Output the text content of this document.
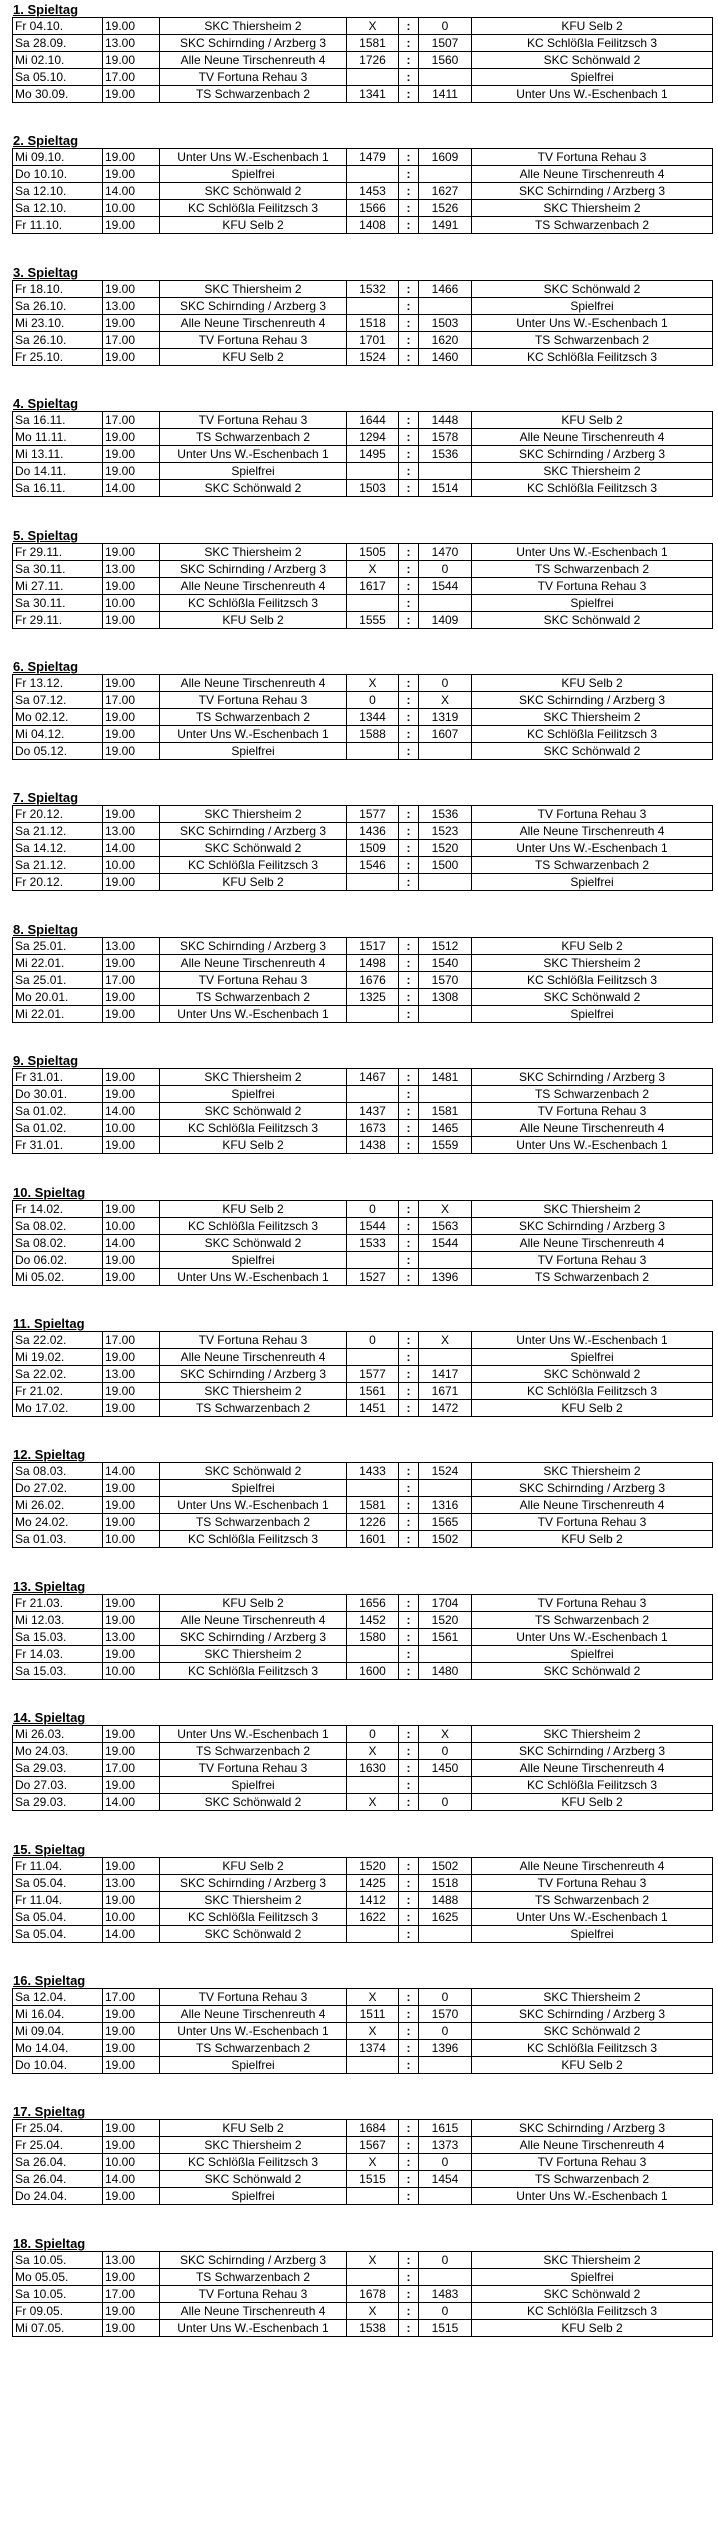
1. Spieltag
Fr 04.10.	19.00	SKC Thiersheim 2	X	:	0	KFU Selb 2
Sa 28.09.	13.00	SKC Schirnding / Arzberg 3	1581	:	1507	KC Schlößla Feilitzsch 3
Mi 02.10.	19.00	Alle Neune Tirschenreuth 4	1726	:	1560	SKC Schönwald 2
Sa 05.10.	17.00	TV Fortuna Rehau 3		:		Spielfrei
Mo 30.09.	19.00	TS Schwarzenbach 2	1341	:	1411	Unter Uns W.-Eschenbach 1
2. Spieltag
Mi 09.10.	19.00	Unter Uns W.-Eschenbach 1	1479	:	1609	TV Fortuna Rehau 3
Do 10.10.	19.00	Spielfrei		:		Alle Neune Tirschenreuth 4
Sa 12.10.	14.00	SKC Schönwald 2	1453	:	1627	SKC Schirnding / Arzberg 3
Sa 12.10.	10.00	KC Schlößla Feilitzsch 3	1566	:	1526	SKC Thiersheim 2
Fr 11.10.	19.00	KFU Selb 2	1408	:	1491	TS Schwarzenbach 2
3. Spieltag
Fr 18.10.	19.00	SKC Thiersheim 2	1532	:	1466	SKC Schönwald 2
Sa 26.10.	13.00	SKC Schirnding / Arzberg 3		:		Spielfrei
Mi 23.10.	19.00	Alle Neune Tirschenreuth 4	1518	:	1503	Unter Uns W.-Eschenbach 1
Sa 26.10.	17.00	TV Fortuna Rehau 3	1701	:	1620	TS Schwarzenbach 2
Fr 25.10.	19.00	KFU Selb 2	1524	:	1460	KC Schlößla Feilitzsch 3
4. Spieltag
Sa 16.11.	17.00	TV Fortuna Rehau 3	1644	:	1448	KFU Selb 2
Mo 11.11.	19.00	TS Schwarzenbach 2	1294	:	1578	Alle Neune Tirschenreuth 4
Mi 13.11.	19.00	Unter Uns W.-Eschenbach 1	1495	:	1536	SKC Schirnding / Arzberg 3
Do 14.11.	19.00	Spielfrei		:		SKC Thiersheim 2
Sa 16.11.	14.00	SKC Schönwald 2	1503	:	1514	KC Schlößla Feilitzsch 3
5. Spieltag
Fr 29.11.	19.00	SKC Thiersheim 2	1505	:	1470	Unter Uns W.-Eschenbach 1
Sa 30.11.	13.00	SKC Schirnding / Arzberg 3	X	:	0	TS Schwarzenbach 2
Mi 27.11.	19.00	Alle Neune Tirschenreuth 4	1617	:	1544	TV Fortuna Rehau 3
Sa 30.11.	10.00	KC Schlößla Feilitzsch 3		:		Spielfrei
Fr 29.11.	19.00	KFU Selb 2	1555	:	1409	SKC Schönwald 2
6. Spieltag
Fr 13.12.	19.00	Alle Neune Tirschenreuth 4	X	:	0	KFU Selb 2
Sa 07.12.	17.00	TV Fortuna Rehau 3	0	:	X	SKC Schirnding / Arzberg 3
Mo 02.12.	19.00	TS Schwarzenbach 2	1344	:	1319	SKC Thiersheim 2
Mi 04.12.	19.00	Unter Uns W.-Eschenbach 1	1588	:	1607	KC Schlößla Feilitzsch 3
Do 05.12.	19.00	Spielfrei		:		SKC Schönwald 2
7. Spieltag
Fr 20.12.	19.00	SKC Thiersheim 2	1577	:	1536	TV Fortuna Rehau 3
Sa 21.12.	13.00	SKC Schirnding / Arzberg 3	1436	:	1523	Alle Neune Tirschenreuth 4
Sa 14.12.	14.00	SKC Schönwald 2	1509	:	1520	Unter Uns W.-Eschenbach 1
Sa 21.12.	10.00	KC Schlößla Feilitzsch 3	1546	:	1500	TS Schwarzenbach 2
Fr 20.12.	19.00	KFU Selb 2		:		Spielfrei
8. Spieltag
Sa 25.01.	13.00	SKC Schirnding / Arzberg 3	1517	:	1512	KFU Selb 2
Mi 22.01.	19.00	Alle Neune Tirschenreuth 4	1498	:	1540	SKC Thiersheim 2
Sa 25.01.	17.00	TV Fortuna Rehau 3	1676	:	1570	KC Schlößla Feilitzsch 3
Mo 20.01.	19.00	TS Schwarzenbach 2	1325	:	1308	SKC Schönwald 2
Mi 22.01.	19.00	Unter Uns W.-Eschenbach 1		:		Spielfrei
9. Spieltag
Fr 31.01.	19.00	SKC Thiersheim 2	1467	:	1481	SKC Schirnding / Arzberg 3
Do 30.01.	19.00	Spielfrei		:		TS Schwarzenbach 2
Sa 01.02.	14.00	SKC Schönwald 2	1437	:	1581	TV Fortuna Rehau 3
Sa 01.02.	10.00	KC Schlößla Feilitzsch 3	1673	:	1465	Alle Neune Tirschenreuth 4
Fr 31.01.	19.00	KFU Selb 2	1438	:	1559	Unter Uns W.-Eschenbach 1
10. Spieltag
Fr 14.02.	19.00	KFU Selb 2	0	:	X	SKC Thiersheim 2
Sa 08.02.	10.00	KC Schlößla Feilitzsch 3	1544	:	1563	SKC Schirnding / Arzberg 3
Sa 08.02.	14.00	SKC Schönwald 2	1533	:	1544	Alle Neune Tirschenreuth 4
Do 06.02.	19.00	Spielfrei		:		TV Fortuna Rehau 3
Mi 05.02.	19.00	Unter Uns W.-Eschenbach 1	1527	:	1396	TS Schwarzenbach 2
11. Spieltag
Sa 22.02.	17.00	TV Fortuna Rehau 3	0	:	X	Unter Uns W.-Eschenbach 1
Mi 19.02.	19.00	Alle Neune Tirschenreuth 4		:		Spielfrei
Sa 22.02.	13.00	SKC Schirnding / Arzberg 3	1577	:	1417	SKC Schönwald 2
Fr 21.02.	19.00	SKC Thiersheim 2	1561	:	1671	KC Schlößla Feilitzsch 3
Mo 17.02.	19.00	TS Schwarzenbach 2	1451	:	1472	KFU Selb 2
12. Spieltag
Sa 08.03.	14.00	SKC Schönwald 2	1433	:	1524	SKC Thiersheim 2
Do 27.02.	19.00	Spielfrei		:		SKC Schirnding / Arzberg 3
Mi 26.02.	19.00	Unter Uns W.-Eschenbach 1	1581	:	1316	Alle Neune Tirschenreuth 4
Mo 24.02.	19.00	TS Schwarzenbach 2	1226	:	1565	TV Fortuna Rehau 3
Sa 01.03.	10.00	KC Schlößla Feilitzsch 3	1601	:	1502	KFU Selb 2
13. Spieltag
Fr 21.03.	19.00	KFU Selb 2	1656	:	1704	TV Fortuna Rehau 3
Mi 12.03.	19.00	Alle Neune Tirschenreuth 4	1452	:	1520	TS Schwarzenbach 2
Sa 15.03.	13.00	SKC Schirnding / Arzberg 3	1580	:	1561	Unter Uns W.-Eschenbach 1
Fr 14.03.	19.00	SKC Thiersheim 2		:		Spielfrei
Sa 15.03.	10.00	KC Schlößla Feilitzsch 3	1600	:	1480	SKC Schönwald 2
14. Spieltag
Mi 26.03.	19.00	Unter Uns W.-Eschenbach 1	0	:	X	SKC Thiersheim 2
Mo 24.03.	19.00	TS Schwarzenbach 2	X	:	0	SKC Schirnding / Arzberg 3
Sa 29.03.	17.00	TV Fortuna Rehau 3	1630	:	1450	Alle Neune Tirschenreuth 4
Do 27.03.	19.00	Spielfrei		:		KC Schlößla Feilitzsch 3
Sa 29.03.	14.00	SKC Schönwald 2	X	:	0	KFU Selb 2
15. Spieltag
Fr 11.04.	19.00	KFU Selb 2	1520	:	1502	Alle Neune Tirschenreuth 4
Sa 05.04.	13.00	SKC Schirnding / Arzberg 3	1425	:	1518	TV Fortuna Rehau 3
Fr 11.04.	19.00	SKC Thiersheim 2	1412	:	1488	TS Schwarzenbach 2
Sa 05.04.	10.00	KC Schlößla Feilitzsch 3	1622	:	1625	Unter Uns W.-Eschenbach 1
Sa 05.04.	14.00	SKC Schönwald 2		:		Spielfrei
16. Spieltag
Sa 12.04.	17.00	TV Fortuna Rehau 3	X	:	0	SKC Thiersheim 2
Mi 16.04.	19.00	Alle Neune Tirschenreuth 4	1511	:	1570	SKC Schirnding / Arzberg 3
Mi 09.04.	19.00	Unter Uns W.-Eschenbach 1	X	:	0	SKC Schönwald 2
Mo 14.04.	19.00	TS Schwarzenbach 2	1374	:	1396	KC Schlößla Feilitzsch 3
Do 10.04.	19.00	Spielfrei		:		KFU Selb 2
17. Spieltag
Fr 25.04.	19.00	KFU Selb 2	1684	:	1615	SKC Schirnding / Arzberg 3
Fr 25.04.	19.00	SKC Thiersheim 2	1567	:	1373	Alle Neune Tirschenreuth 4
Sa 26.04.	10.00	KC Schlößla Feilitzsch 3	X	:	0	TV Fortuna Rehau 3
Sa 26.04.	14.00	SKC Schönwald 2	1515	:	1454	TS Schwarzenbach 2
Do 24.04.	19.00	Spielfrei		:		Unter Uns W.-Eschenbach 1
18. Spieltag
Sa 10.05.	13.00	SKC Schirnding / Arzberg 3	X	:	0	SKC Thiersheim 2
Mo 05.05.	19.00	TS Schwarzenbach 2		:		Spielfrei
Sa 10.05.	17.00	TV Fortuna Rehau 3	1678	:	1483	SKC Schönwald 2
Fr 09.05.	19.00	Alle Neune Tirschenreuth 4	X	:	0	KC Schlößla Feilitzsch 3
Mi 07.05.	19.00	Unter Uns W.-Eschenbach 1	1538	:	1515	KFU Selb 2
